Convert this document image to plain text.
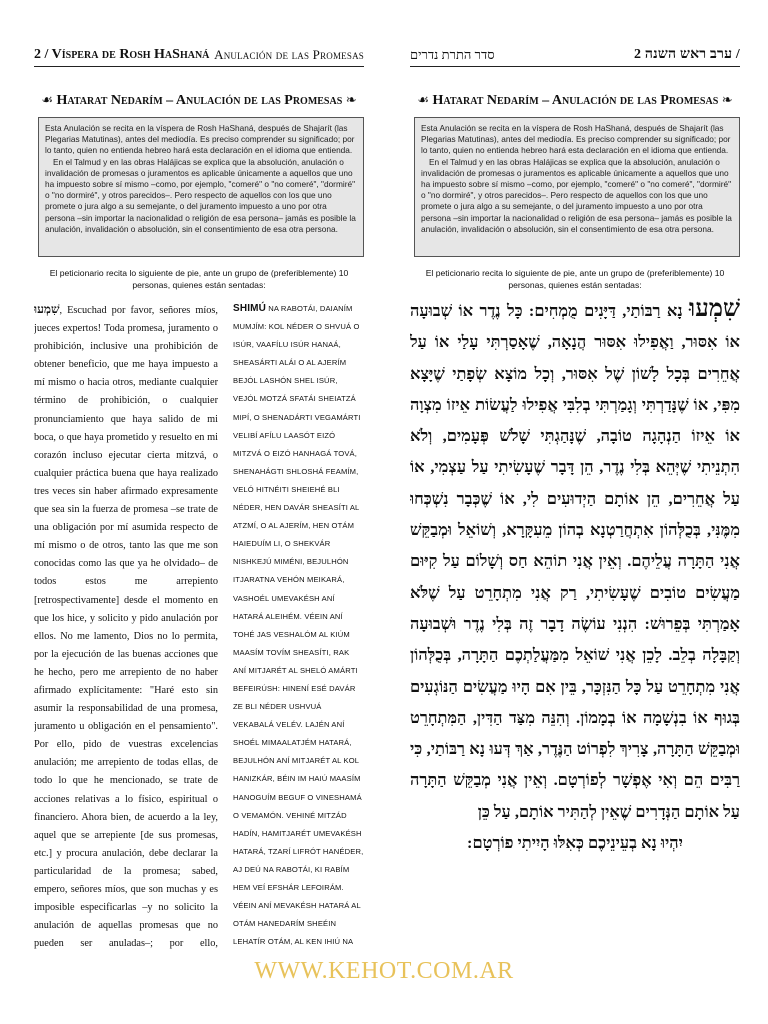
2 / Víspera de Rosh HaShaná Anulación de las Promesas
☙ Hatarat Nedarím – Anulación de las Promesas ❧

Esta Anulación se recita en la víspera de Rosh HaShaná, después de Shajarít (las Plegarias Matutinas), antes del mediodía. Es preciso comprender su significado; por lo tanto, quien no entienda hebreo hará esta declaración en el idioma que entienda.

En el Talmud y en las obras Halájicas se explica que la absolución, anulación o invalidación de promesas o juramentos es aplicable únicamente a aquellos que uno ha impuesto sobre sí mismo –como, por ejemplo, "comeré" o "no comeré", "dormiré" o "no dormiré", y otros parecidos–. Pero respecto de aquellos con los que uno promete o jura algo a su semejante, o del juramento impuesto a uno por otra persona –sin importar la nacionalidad o religión de esa persona– jamás es posible la anulación, invalidación o absolución, sin el consentimiento de esa otra persona.

El peticionario recita lo siguiente de pie, ante un grupo de (preferiblemente) 10 personas, quienes están sentadas:
שִׁמְעוּ, Escuchad por favor, señores míos, jueces expertos! Toda promesa, juramento o prohibición, inclusive una prohibición de obtener beneficio, que me haya impuesto a mí mismo o hacia otros, mediante cualquier término de prohibición, o cualquier pronunciamiento que haya salido de mi boca, o que haya prometido y resuelto en mi corazón incluso ejecutar cierta mitzvá, o cualquier práctica buena que haya realizado tres veces sin haber afirmado expresamente que sea sin la fuerza de promesa –se trate de una obligación por mí asumida respecto de mí mismo o de otros, tanto las que me son conocidas como las que ya he olvidado– de todos estos me arrepiento [retrospectivamente] desde el momento en que los hice, y solicito y pido anulación por ellos. No me lamento, Dios no lo permita, por la ejecución de las buenas acciones que he hecho, pero me arrepiento de no haber afirmado explícitamente: "Haré esto sin asumir la responsabilidad de una promesa, juramento u obligación en el pensamiento". Por ello, pido de vuestras excelencias anulación; me arrepiento de todas ellas, de todo lo que he mencionado, se trate de acciones relativas a lo físico, espiritual o financiero. Ahora bien, de acuerdo a la ley, aquel que se arrepiente [de sus promesas, etc.] y procura anulación, debe declarar la particularidad de la promesa; sabed, empero, señores míos, que son muchas y es imposible especificarlas –y no solicito la anulación de aquellas promesas que no pueden ser anuladas–; por ello,
SHIMÚ NA RABOTÁI, DAIANÍM MUMJÍM: KOL NÉDER O SHVUÁ O ISÚR, VAAFÍLU ISÚR HANAÁ, SHEASÁRTI ALÁI O AL AJERÍM BEJÓL LASHÓN SHEL ISÚR, VEJÓL MOTZÁ SFATÁI SHEIATZÁ MIPÍ, O SHENADÁRTI VEGAMÁRTI VELIBÍ AFÍLU LAASÓT EIZÓ MITZVÁ O EIZÓ HANHAGÁ TOVÁ, SHENAHÁGTI SHLOSHÁ FEAMÍM, VELÓ HITNÉITI SHEIEHÉ BLI NÉDER, HEN DAVÁR SHEASÍTI AL ATZMÍ, O AL AJERÍM, HEN OTÁM HAIEDUÍM LI, O SHEKVÁR NISHKEJÚ MIMÉNI, BEJULHÓN ITJARATNA VEHÓN MEIKARÁ, VASHOÉL UMEVAKÉSH ANÍ HATARÁ ALEIHÉM. VÉEIN ANÍ TOHÉ JAS VESHALÓM AL KIÚM MAASÍM TOVÍM SHEASÍTI, RAK ANÍ MITJARÉT AL SHELÓ AMÁRTI BEFEIRÚSH: HINENÍ ESÉ DAVÁR ZE BLI NÉDER USHVUÁ VEKABALÁ VELÉV. LAJÉN ANÍ SHOÉL MIMAALATJÉM HATARÁ, BEJULHÓN ANÍ MITJARÉT AL KOL HANIZKÁR, BÉIN IM HAIÚ MAASÍM HANOGUÍM BEGUF O VINESHAMÁ O VEMAMÓN. VEHINÉ MITZÁD HADÍN, HAMITJARÉT UMEVAKÉSH HATARÁ, TZARÍ LIFRÓT HANÉDER, AJ DEÚ NA RABOTÁI, KI RABÍM HEM VEÍ EFSHÁR LEFOIRÁM. VÉEIN ANÍ MEVAKÉSH HATARÁ AL OTÁM HANEDARÍM SHEÉIN LEHATÍR OTÁM, AL KEN IHIÚ NA
סדר התרת נדרים	ערב ראש השנה 2 /
☙ Hatarat Nedarím – Anulación de las Promesas ❧

Esta Anulación se recita en la víspera de Rosh HaShaná, después de Shajarít (las Plegarias Matutinas), antes del mediodía. Es preciso comprender su significado; por lo tanto, quien no entienda hebreo hará esta declaración en el idioma que entienda.

En el Talmud y en las obras Halájicas se explica que la absolución, anulación o invalidación de promesas o juramentos es aplicable únicamente a aquellos que uno ha impuesto sobre sí mismo –como, por ejemplo, "comeré" o "no comeré", "dormiré" o "no dormiré", y otros parecidos–. Pero respecto de aquellos con los que uno promete o jura algo a su semejante, o del juramento impuesto a uno por otra persona –sin importar la nacionalidad o religión de esa persona– jamás es posible la anulación, invalidación o absolución, sin el consentimiento de esa otra persona.

El peticionario recita lo siguiente de pie, ante un grupo de (preferiblemente) 10 personas, quienes están sentadas:
שִׁמְעוּ נָא רַבּוֹתַי, דַּיָּנִים מֻמְחִים: כָּל נֶדֶר אוֹ שְׁבוּעָה אוֹ אִסּוּר, וַאֲפִילוּ אִסּוּר הֲנָאָה, שֶׁאָסַרְתִּי עָלַי אוֹ עַל אֲחֵרִים בְּכָל לָשׁוֹן שֶׁל אִסּוּר, וְכָל מוֹצָא שְׂפָתַי שֶׁיָּצָא מִפִּי, אוֹ שֶׁנָּדַרְתִּי וְגָמַרְתִּי בְלִבִּי אֲפִילוּ לַעֲשׂוֹת אֵיזוֹ מִצְוָה אוֹ אֵיזוֹ הַנְהָגָה טוֹבָה, שֶׁנָּהַגְתִּי שָׁלֹשׁ פְּעָמִים, וְלֹא הִתְנֵיתִי שֶׁיְּהֵא בְּלִי נֶדֶר, הֵן דָּבָר שֶׁעָשִׂיתִי עַל עַצְמִי, אוֹ עַל אֲחֵרִים, הֵן אוֹתָם הַיְדוּעִים לִי, אוֹ שֶׁכְּבָר נִשְׁכְּחוּ מִמֶּנִּי, בְּכֻלְּהוֹן אִתְחֲרַטְנָא בְהוֹן מֵעִקָּרָא, וְשׁוֹאֵל וּמְבַקֵּשׁ אֲנִי הַתָּרָה עֲלֵיהֶם. וְאֵין אֲנִי תוֹהֵא חַס וְשָׁלוֹם עַל קִיּוּם מַעֲשִׂים טוֹבִים שֶׁעָשִׂיתִי, רַק אֲנִי מִתְחָרֵט עַל שֶׁלֹּא אָמַרְתִּי בְּפֵרוּשׁ: הִנְנִי עוֹשֶׂה דָבָר זֶה בְּלִי נֶדֶר וּשְׁבוּעָה וְקַבָּלָה בְלֵב. לָכֵן אֲנִי שׁוֹאֵל מִמַּעֲלַתְכֶם הַתָּרָה, בְּכֻלְּהוֹן אֲנִי מִתְחָרֵט עַל כָּל הַנִּזְכָּר, בֵּין אִם הָיוּ מַעֲשִׂים הַנּוֹגְעִים בְּגוּף אוֹ בִנְשָׁמָה אוֹ בְמָמוֹן. וְהִנֵּה מִצַּד הַדִּין, הַמִּתְחָרֵט וּמְבַקֵּשׁ הַתָּרָה, צָרִיךְ לִפְרוֹט הַנֶּדֶר, אַךְ דְּעוּ נָא רַבּוֹתַי, כִּי רַבִּים הֵם וְאִי אֶפְשָׁר לְפוֹרְטָם. וְאֵין אֲנִי מְבַקֵּשׁ הַתָּרָה עַל אוֹתָם הַנְּדָרִים שֶׁאֵין לְהַתִּיר אוֹתָם, עַל כֵּן
יִהְיוּ נָא בְעֵינֵיכֶם כְּאִלּוּ הָיִיתִי פוֹרְטָם:
WWW.KEHOT.COM.AR
